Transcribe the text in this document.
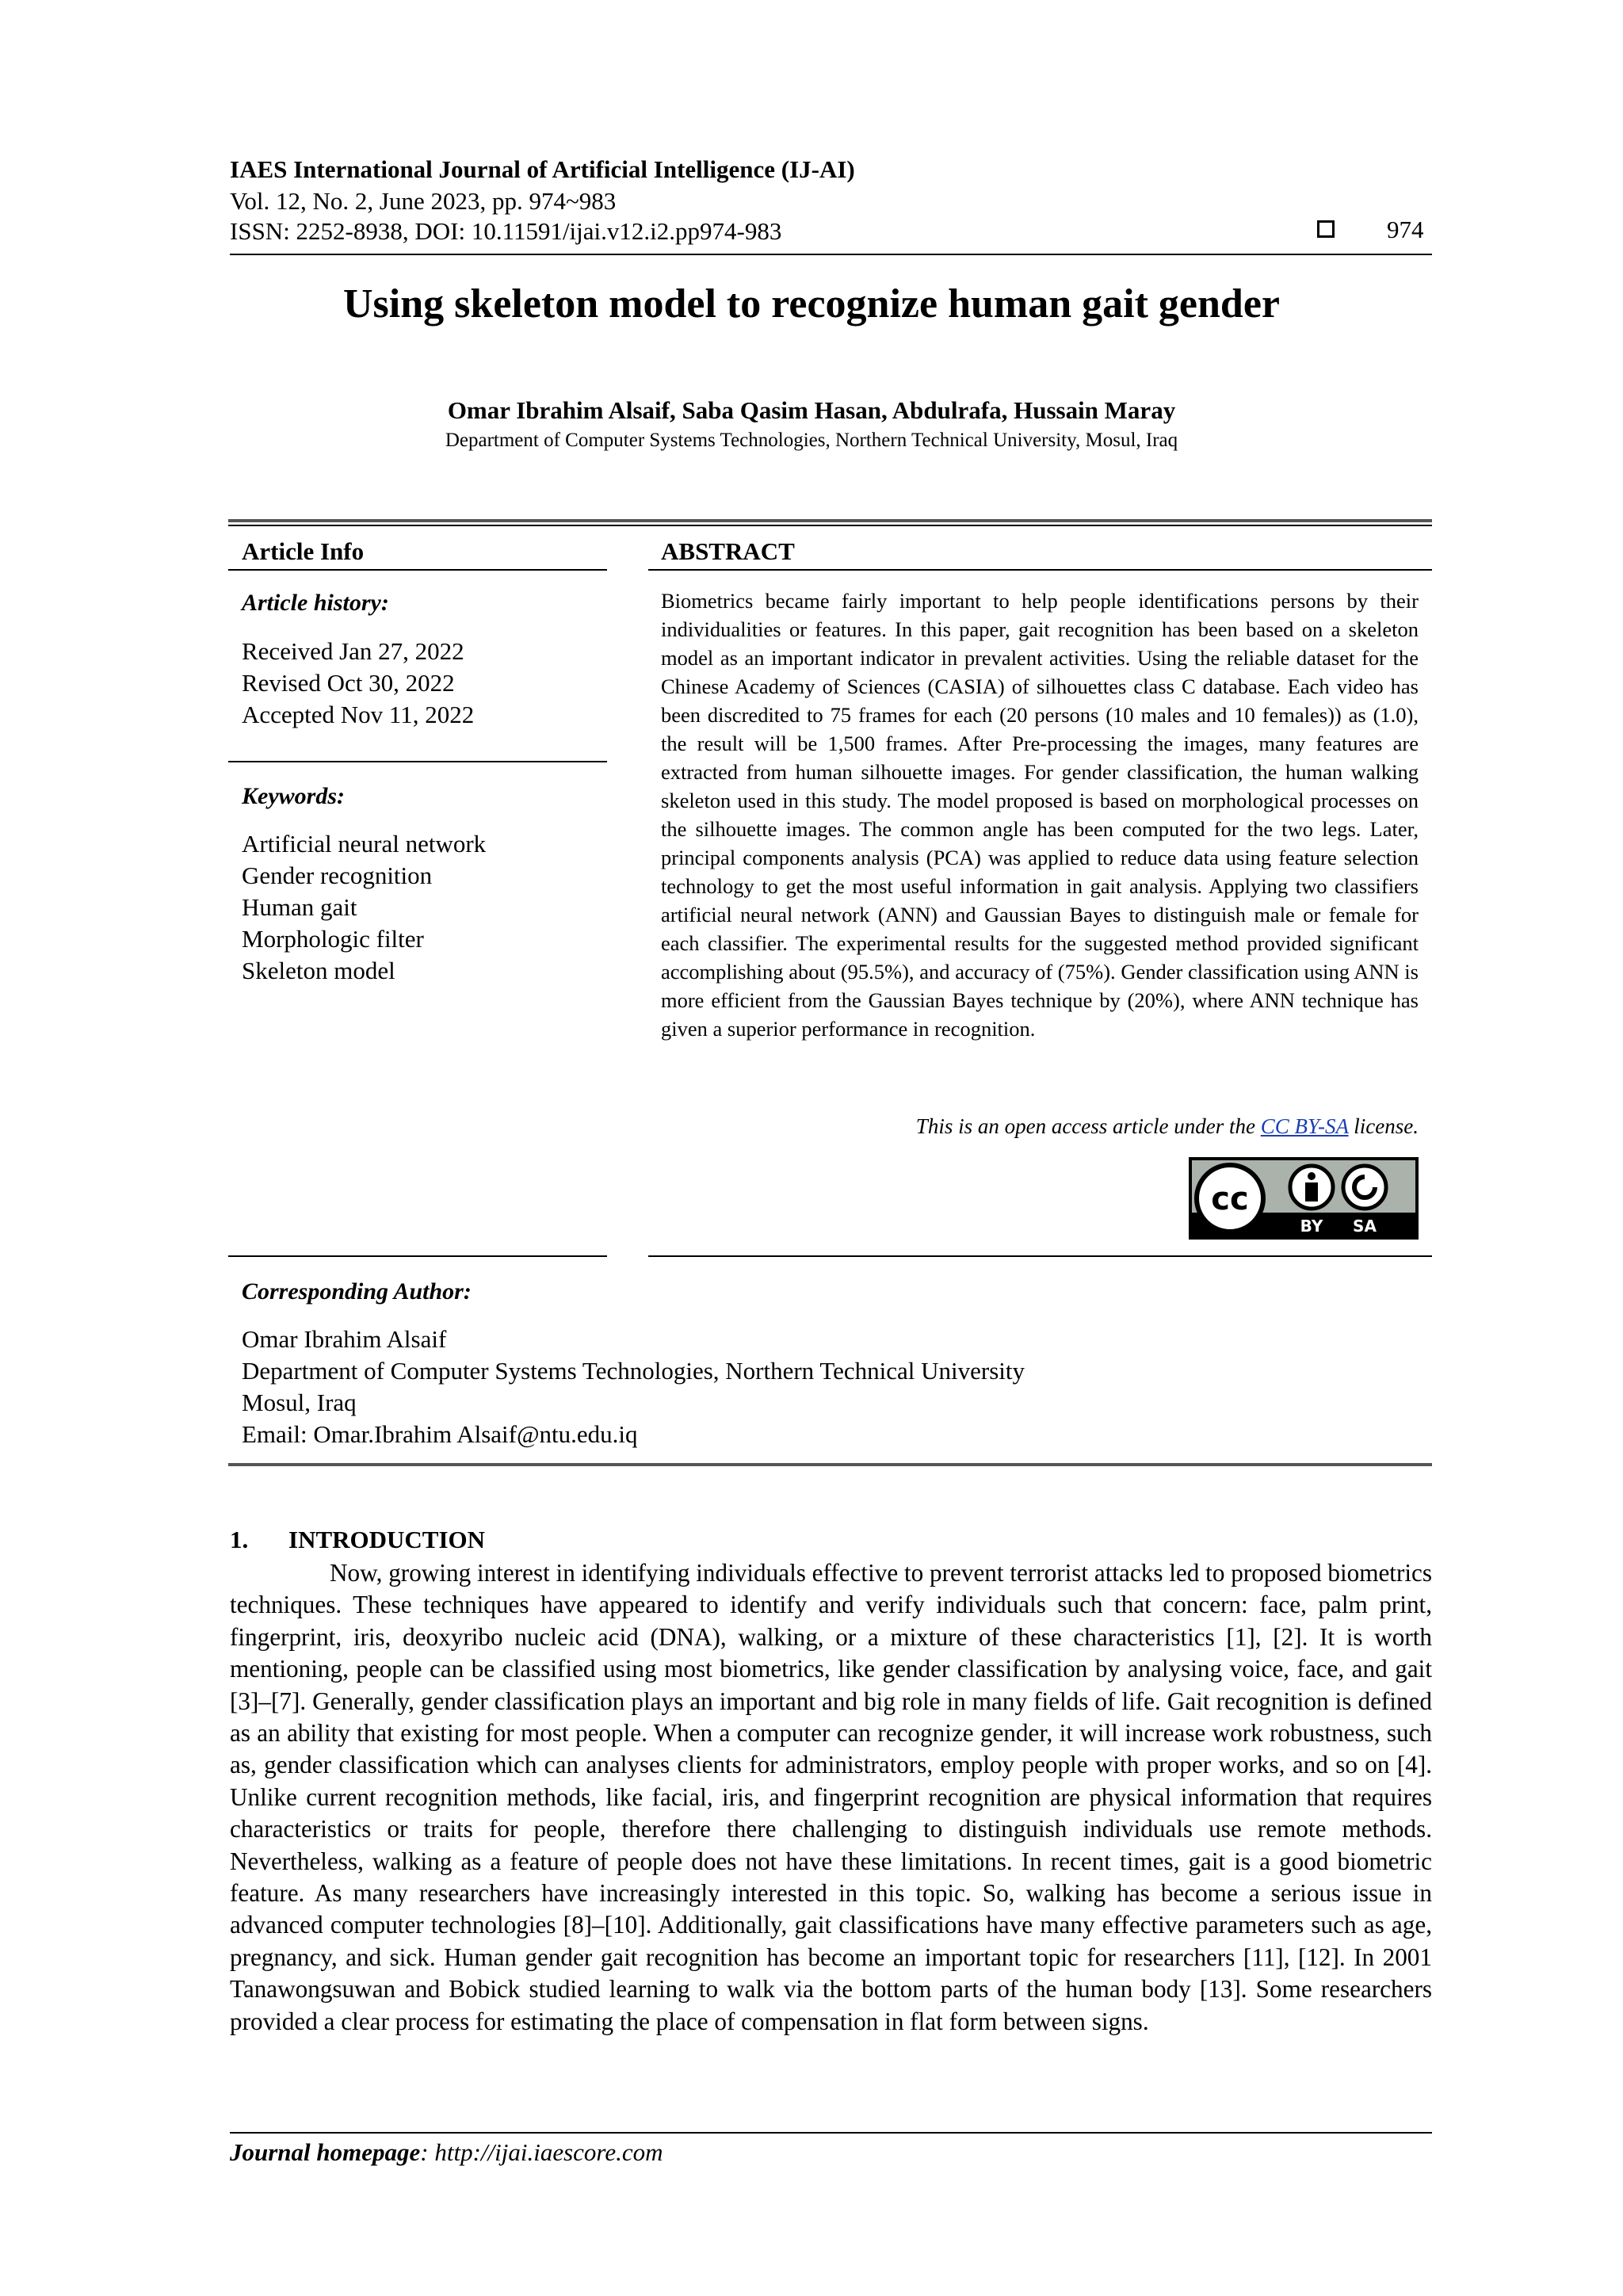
IAES International Journal of Artificial Intelligence (IJ-AI)
Vol. 12, No. 2, June 2023, pp. 974~983
ISSN: 2252-8938, DOI: 10.11591/ijai.v12.i2.pp974-983	974
Using skeleton model to recognize human gait gender
Omar Ibrahim Alsaif, Saba Qasim Hasan, Abdulrafa, Hussain Maray
Department of Computer Systems Technologies, Northern Technical University, Mosul, Iraq
Article Info
Article history:
Received Jan 27, 2022
Revised Oct 30, 2022
Accepted Nov 11, 2022
Keywords:
Artificial neural network
Gender recognition
Human gait
Morphologic filter
Skeleton model
ABSTRACT
Biometrics became fairly important to help people identifications persons by their individualities or features. In this paper, gait recognition has been based on a skeleton model as an important indicator in prevalent activities. Using the reliable dataset for the Chinese Academy of Sciences (CASIA) of silhouettes class C database. Each video has been discredited to 75 frames for each (20 persons (10 males and 10 females)) as (1.0), the result will be 1,500 frames. After Pre-processing the images, many features are extracted from human silhouette images. For gender classification, the human walking skeleton used in this study. The model proposed is based on morphological processes on the silhouette images. The common angle has been computed for the two legs. Later, principal components analysis (PCA) was applied to reduce data using feature selection technology to get the most useful information in gait analysis. Applying two classifiers artificial neural network (ANN) and Gaussian Bayes to distinguish male or female for each classifier. The experimental results for the suggested method provided significant accomplishing about (95.5%), and accuracy of (75%). Gender classification using ANN is more efficient from the Gaussian Bayes technique by (20%), where ANN technique has given a superior performance in recognition.
This is an open access article under the CC BY-SA license.
cc
BY SA
Corresponding Author:
Omar Ibrahim Alsaif
Department of Computer Systems Technologies, Northern Technical University
Mosul, Iraq
Email: Omar.Ibrahim Alsaif@ntu.edu.iq
1. INTRODUCTION
Now, growing interest in identifying individuals effective to prevent terrorist attacks led to proposed biometrics techniques. These techniques have appeared to identify and verify individuals such that concern: face, palm print, fingerprint, iris, deoxyribo nucleic acid (DNA), walking, or a mixture of these characteristics [1], [2]. It is worth mentioning, people can be classified using most biometrics, like gender classification by analysing voice, face, and gait [3]–[7]. Generally, gender classification plays an important and big role in many fields of life. Gait recognition is defined as an ability that existing for most people. When a computer can recognize gender, it will increase work robustness, such as, gender classification which can analyses clients for administrators, employ people with proper works, and so on [4]. Unlike current recognition methods, like facial, iris, and fingerprint recognition are physical information that requires characteristics or traits for people, therefore there challenging to distinguish individuals use remote methods. Nevertheless, walking as a feature of people does not have these limitations. In recent times, gait is a good biometric feature. As many researchers have increasingly interested in this topic. So, walking has become a serious issue in advanced computer technologies [8]–[10]. Additionally, gait classifications have many effective parameters such as age, pregnancy, and sick. Human gender gait recognition has become an important topic for researchers [11], [12]. In 2001 Tanawongsuwan and Bobick studied learning to walk via the bottom parts of the human body [13]. Some researchers provided a clear process for estimating the place of compensation in flat form between signs.
Journal homepage: http://ijai.iaescore.com
